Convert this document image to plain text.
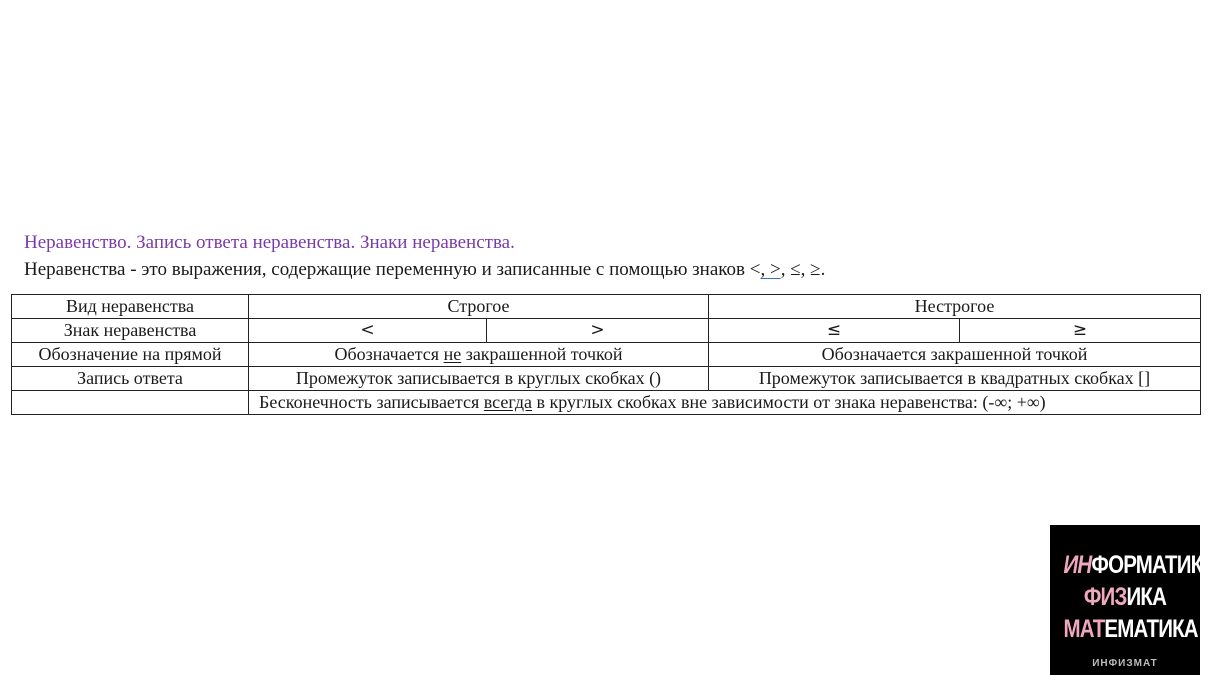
Неравенство. Запись ответа неравенства. Знаки неравенства.
Неравенства - это выражения, содержащие переменную и записанные с помощью знаков <, >, ≤, ≥.
Вид неравенства	Строгое		Нестрогое	
Знак неравенства	<	>	≤	≥
Обозначение на прямой	Обозначается не закрашенной точкой		Обозначается закрашенной точкой	
Запись ответа	Промежуток записывается в круглых скобках ()		Промежуток записывается в квадратных скобках []	
	Бесконечность записывается всегда в круглых скобках вне зависимости от знака неравенства: (-∞; +∞)			
ИНФОРМАТИКА
ФИЗИКА
МАТЕМАТИКА
ИНФИЗМАТ
